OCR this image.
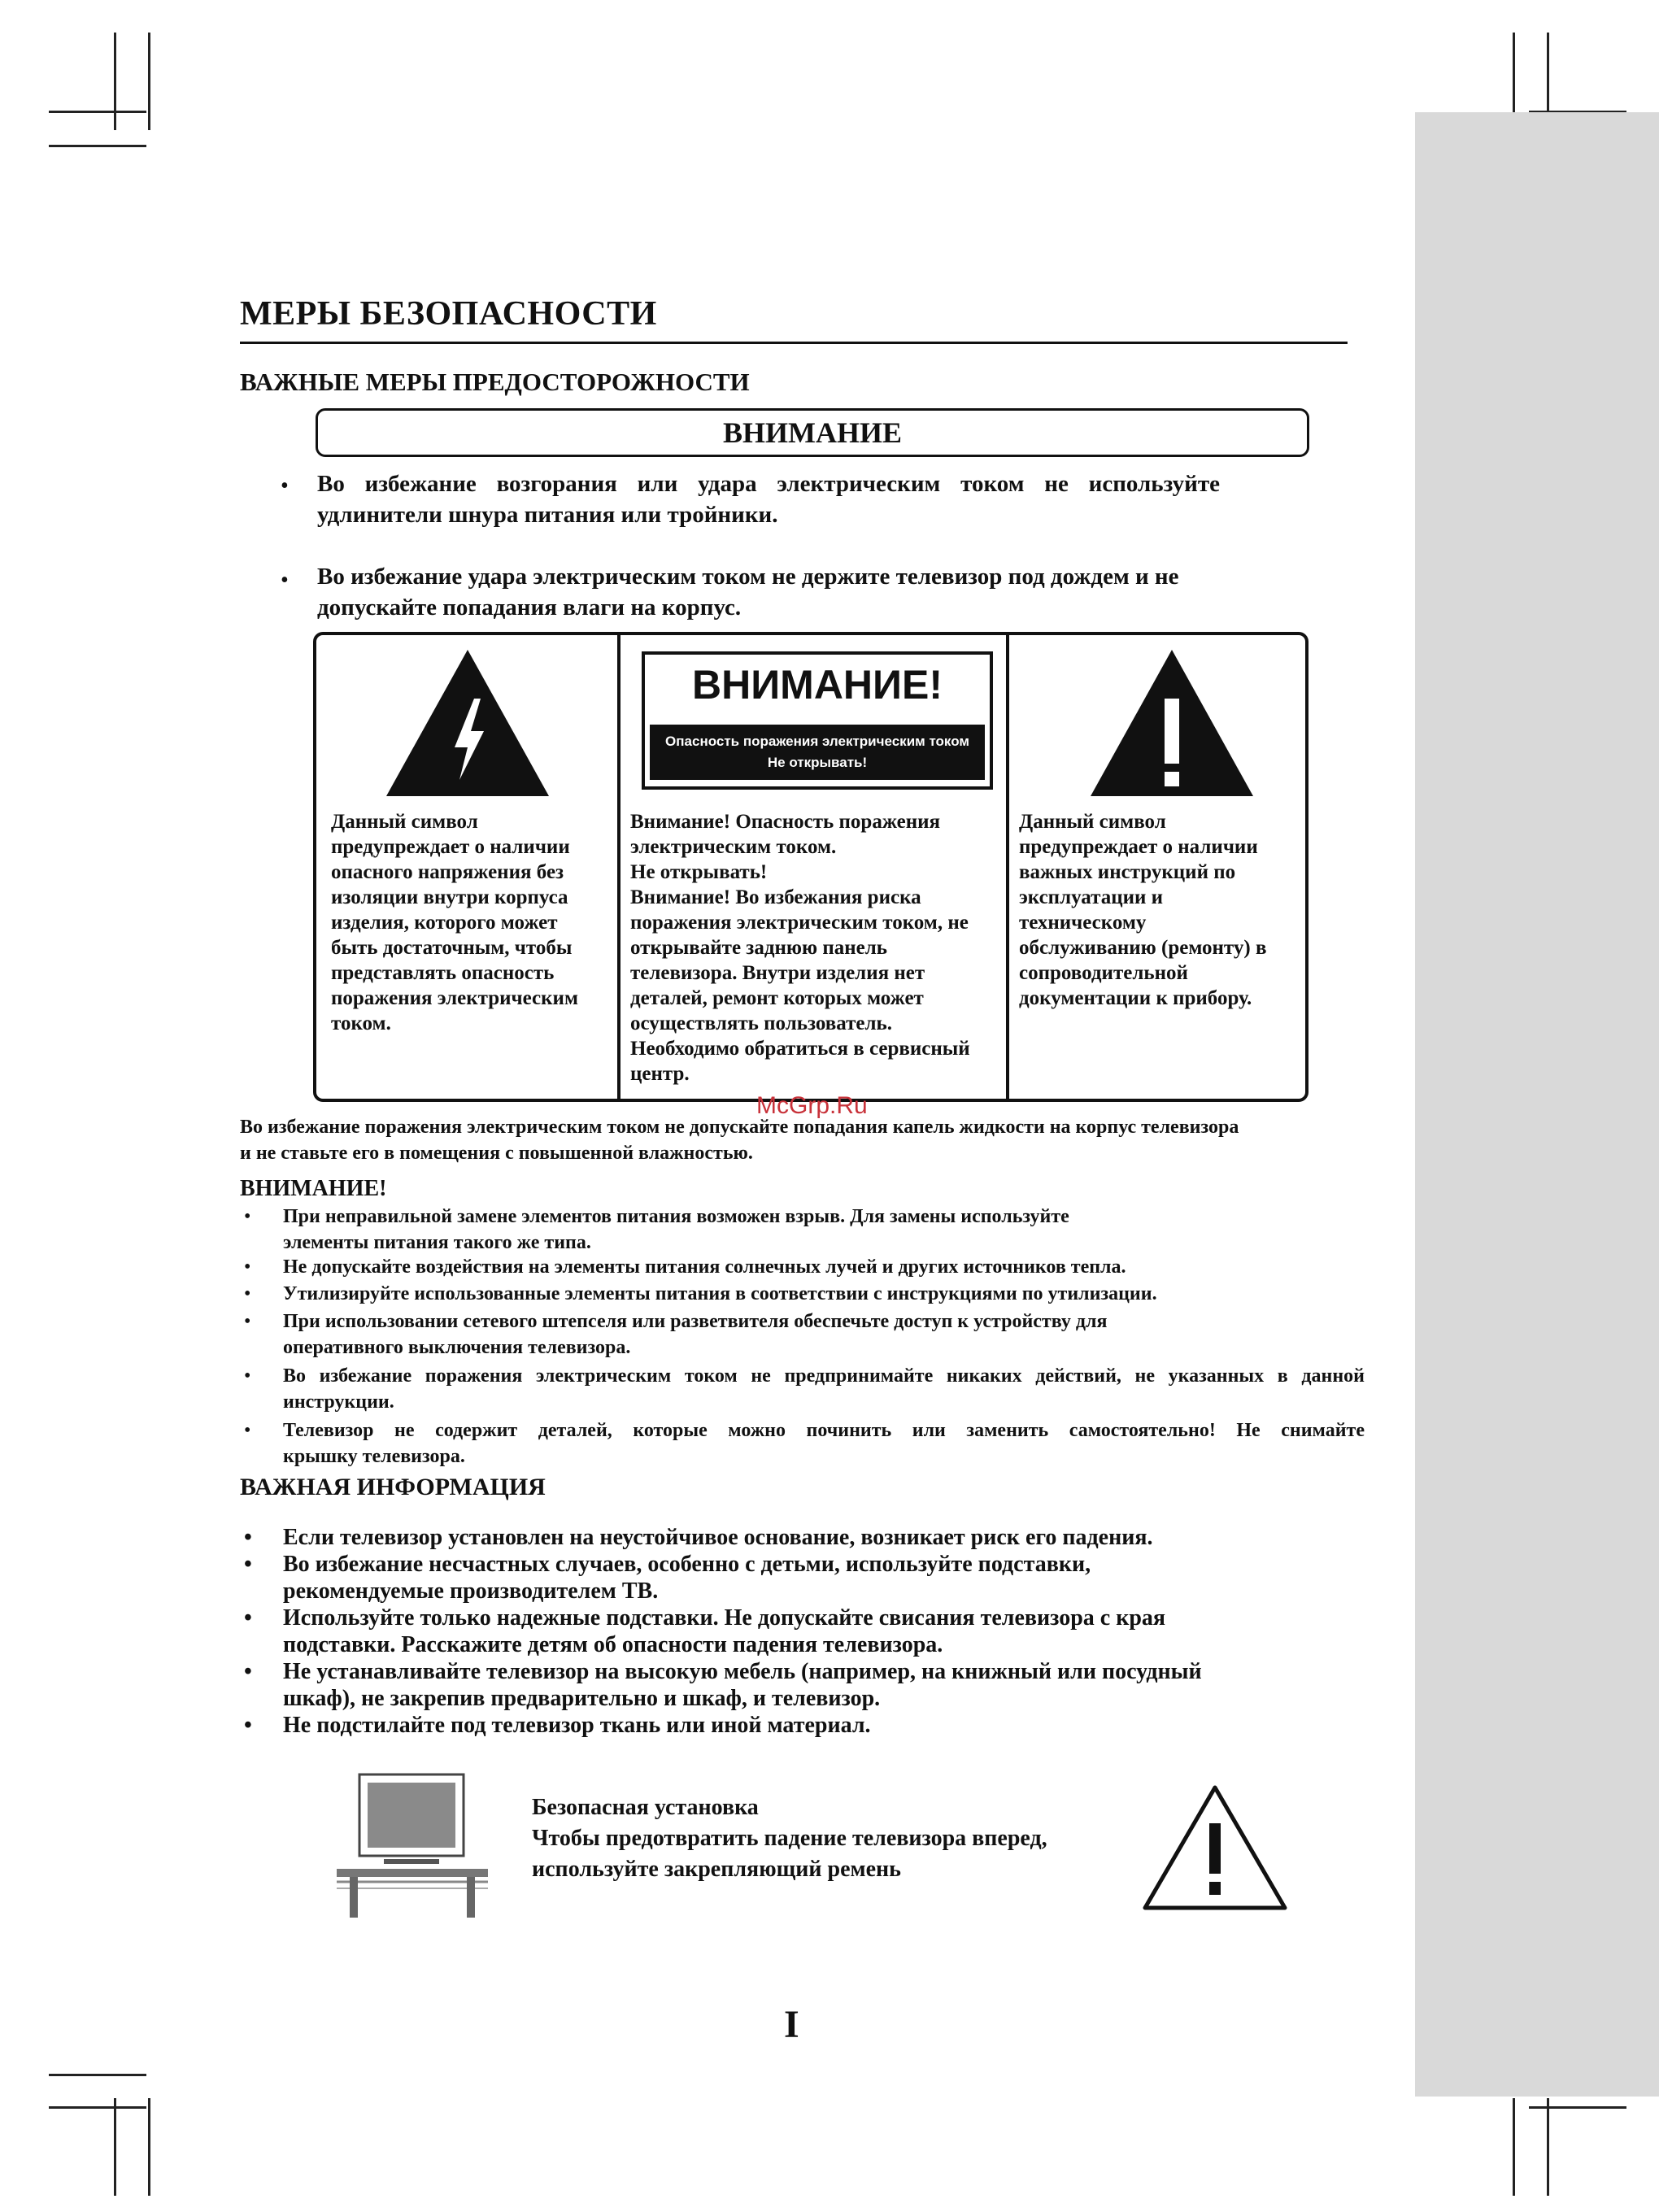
МЕРЫ БЕЗОПАСНОСТИ
ВАЖНЫЕ МЕРЫ ПРЕДОСТОРОЖНОСТИ
ВНИМАНИЕ
• Во избежание возгорания или удара электрическим током не используйте
удлинители шнура питания или тройники.
• Во избежание удара электрическим током не держите телевизор под дождем и не
допускайте попадания влаги на корпус.
Данный символ
предупреждает о наличии
опасного напряжения без
изоляции внутри корпуса
изделия, которого может
быть достаточным, чтобы
представлять опасность
поражения электрическим
током.
ВНИМАНИЕ!
Опасность поражения электрическим током
Не открывать!
Внимание! Опасность поражения
электрическим током.
Не открывать!
Внимание! Во избежания риска
поражения электрическим током, не
открывайте заднюю панель
телевизора. Внутри изделия нет
деталей, ремонт которых может
осуществлять пользователь.
Необходимо обратиться в сервисный
центр.
Данный символ
предупреждает о наличии
важных инструкций по
эксплуатации и
техническому
обслуживанию (ремонту) в
сопроводительной
документации к прибору.
McGrp.Ru
Во избежание поражения электрическим током не допускайте попадания капель жидкости на корпус телевизора
и не ставьте его в помещения с повышенной влажностью.
ВНИМАНИЕ!
• При неправильной замене элементов питания возможен взрыв. Для замены используйте
элементы питания такого же типа.
• Не допускайте воздействия на элементы питания солнечных лучей и других источников тепла.
• Утилизируйте использованные элементы питания в соответствии с инструкциями по утилизации.
• При использовании сетевого штепселя или разветвителя обеспечьте доступ к устройству для
оперативного выключения телевизора.
• Во избежание поражения электрическим током не предпринимайте никаких действий, не указанных в данной
инструкции.
• Телевизор не содержит деталей, которые можно починить или заменить самостоятельно! Не снимайте
крышку телевизора.
ВАЖНАЯ ИНФОРМАЦИЯ
• Если телевизор установлен на неустойчивое основание, возникает риск его падения.
• Во избежание несчастных случаев, особенно с детьми, используйте подставки,
рекомендуемые производителем ТВ.
• Используйте только надежные подставки. Не допускайте свисания телевизора с края
подставки. Расскажите детям об опасности падения телевизора.
• Не устанавливайте телевизор на высокую мебель (например, на книжный или посудный
шкаф), не закрепив предварительно и шкаф, и телевизор.
• Не подстилайте под телевизор ткань или иной материал.
Безопасная установка
Чтобы предотвратить падение телевизора вперед,
используйте закрепляющий ремень
I
